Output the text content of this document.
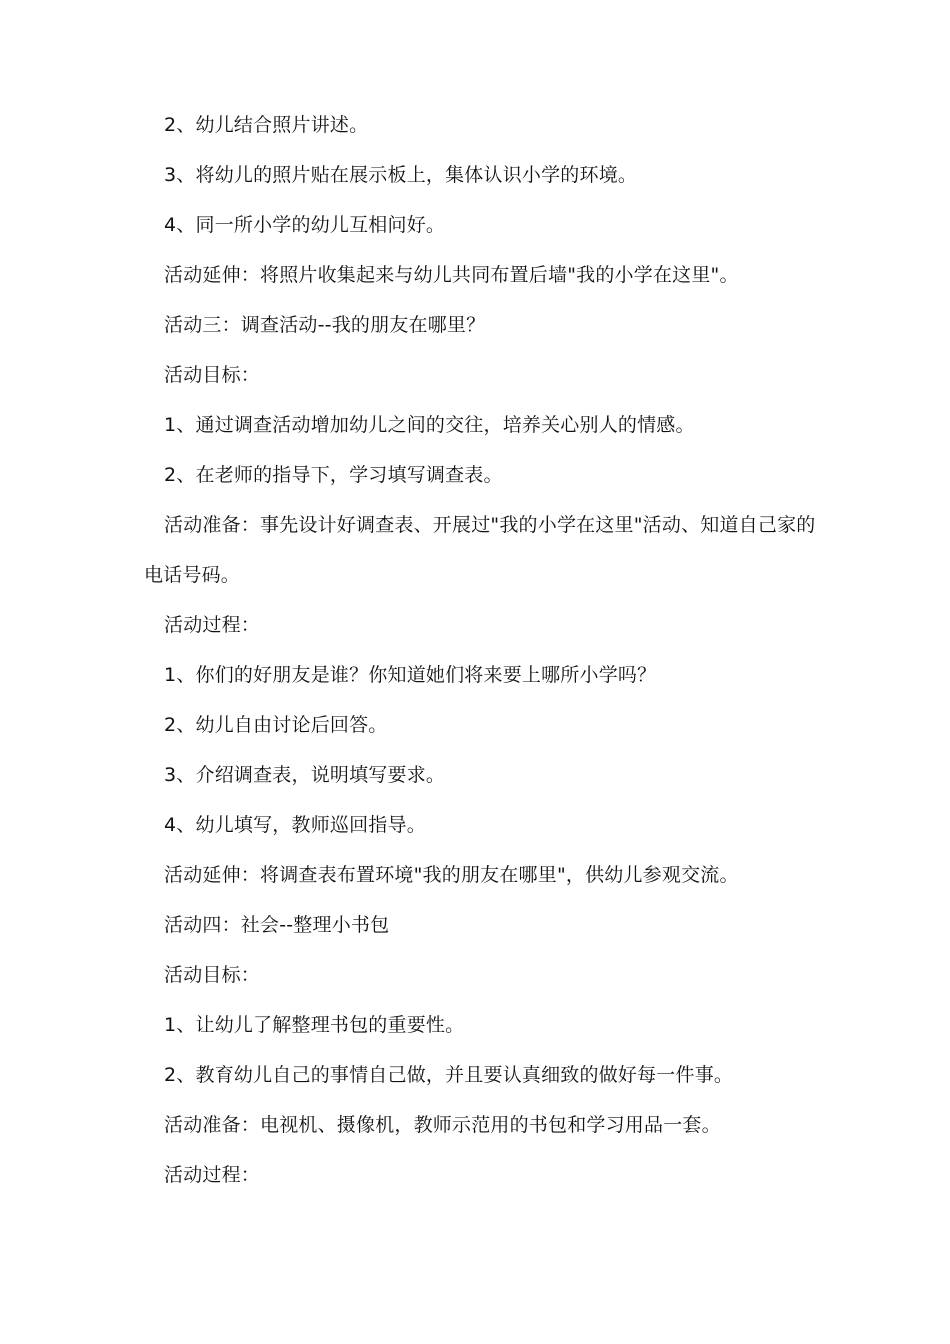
2、幼儿结合照片讲述。

3、将幼儿的照片贴在展示板上，集体认识小学的环境。

4、同一所小学的幼儿互相问好。

活动延伸：将照片收集起来与幼儿共同布置后墙"我的小学在这里"。

活动三：调查活动--我的朋友在哪里？

活动目标：

1、通过调查活动增加幼儿之间的交往，培养关心别人的情感。

2、在老师的指导下，学习填写调查表。

活动准备：事先设计好调查表、开展过"我的小学在这里"活动、知道自己家的

电话号码。

活动过程：

1、你们的好朋友是谁？你知道她们将来要上哪所小学吗？

2、幼儿自由讨论后回答。

3、介绍调查表，说明填写要求。

4、幼儿填写，教师巡回指导。

活动延伸：将调查表布置环境"我的朋友在哪里"，供幼儿参观交流。

活动四：社会--整理小书包

活动目标：

1、让幼儿了解整理书包的重要性。

2、教育幼儿自己的事情自己做，并且要认真细致的做好每一件事。

活动准备：电视机、摄像机，教师示范用的书包和学习用品一套。

活动过程：
